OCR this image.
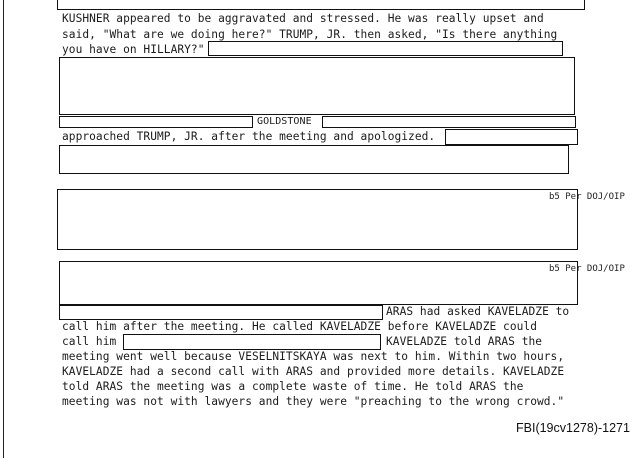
KUSHNER appeared to be aggravated and stressed. He was really upset and
said, "What are we doing here?" TRUMP, JR. then asked, "Is there anything
you have on HILLARY?"
GOLDSTONE
approached TRUMP, JR. after the meeting and apologized.
b5 Per DOJ/OIP
b5 Per DOJ/OIP
ARAS had asked KAVELADZE to
call him after the meeting. He called KAVELADZE before KAVELADZE could
call him	KAVELADZE told ARAS the
meeting went well because VESELNITSKAYA was next to him. Within two hours,
KAVELADZE had a second call with ARAS and provided more details. KAVELADZE
told ARAS the meeting was a complete waste of time. He told ARAS the
meeting was not with lawyers and they were "preaching to the wrong crowd."
FBI(19cv1278)-1271
